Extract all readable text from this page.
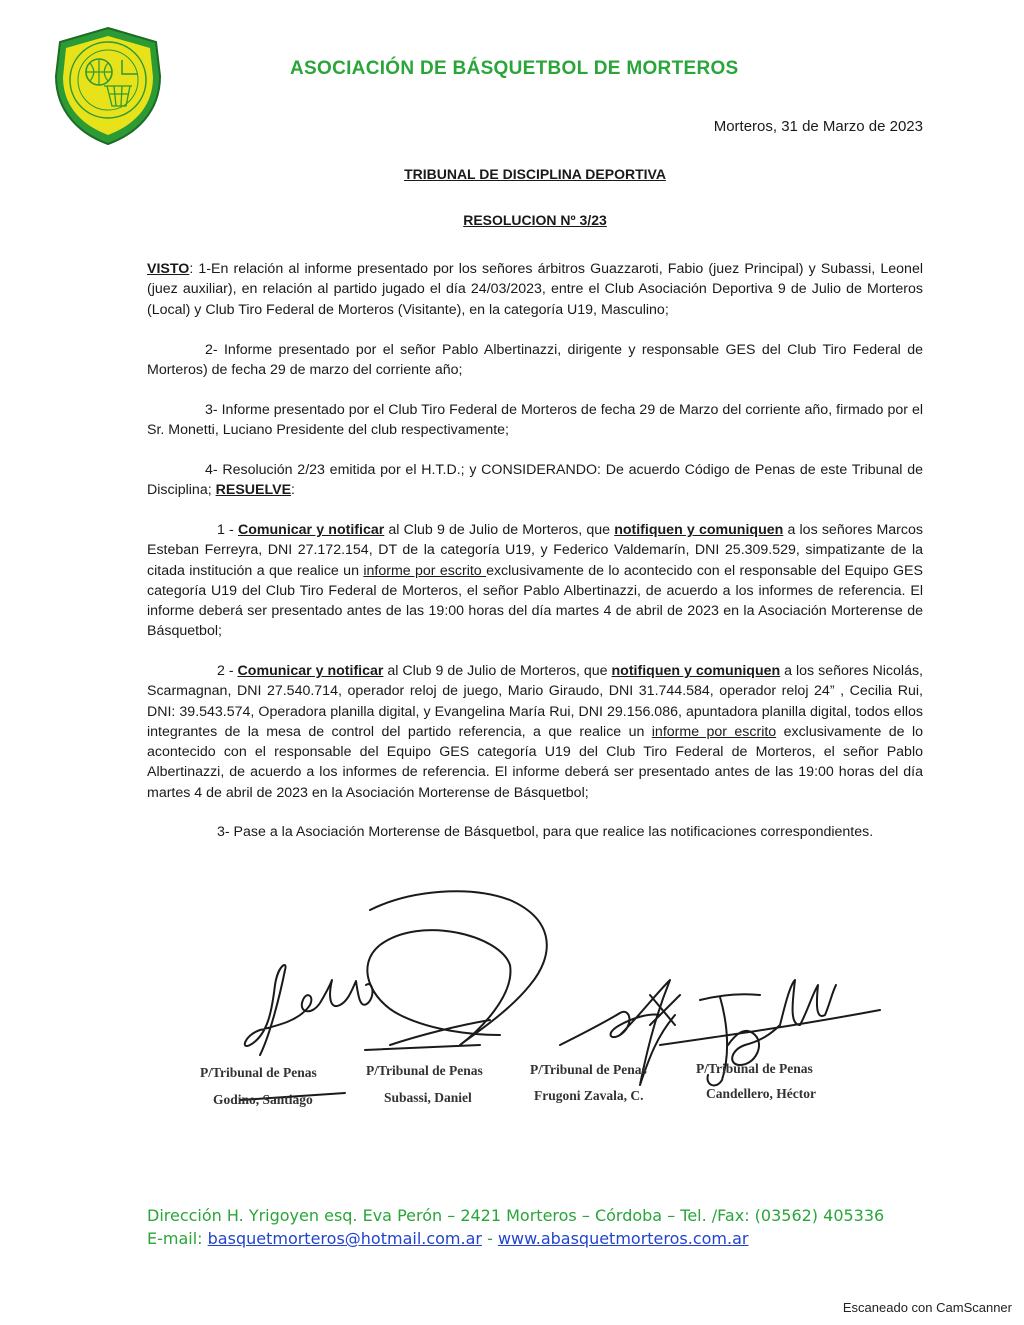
ASOCIACIÓN DE BÁSQUETBOL DE MORTEROS
Morteros, 31 de Marzo de 2023
TRIBUNAL DE DISCIPLINA DEPORTIVA
RESOLUCION Nº 3/23
VISTO: 1-En relación al informe presentado por los señores árbitros Guazzaroti, Fabio (juez Principal) y Subassi, Leonel (juez auxiliar), en relación al partido jugado el día 24/03/2023, entre el Club Asociación Deportiva 9 de Julio de Morteros (Local) y Club Tiro Federal de Morteros (Visitante), en la categoría U19, Masculino;
2- Informe presentado por el señor Pablo Albertinazzi, dirigente y responsable GES del Club Tiro Federal de Morteros) de fecha 29 de marzo del corriente año;
3- Informe presentado por el Club Tiro Federal de Morteros de fecha 29 de Marzo del corriente año, firmado por el Sr. Monetti, Luciano Presidente del club respectivamente;
4- Resolución 2/23 emitida por el H.T.D.; y CONSIDERANDO: De acuerdo Código de Penas de este Tribunal de Disciplina; RESUELVE:
1 - Comunicar y notificar al Club 9 de Julio de Morteros, que notifiquen y comuniquen a los señores Marcos Esteban Ferreyra, DNI 27.172.154, DT de la categoría U19, y Federico Valdemarín, DNI 25.309.529, simpatizante de la citada institución a que realice un informe por escrito exclusivamente de lo acontecido con el responsable del Equipo GES categoría U19 del Club Tiro Federal de Morteros, el señor Pablo Albertinazzi, de acuerdo a los informes de referencia. El informe deberá ser presentado antes de las 19:00 horas del día martes 4 de abril de 2023 en la Asociación Morterense de Básquetbol;
2 - Comunicar y notificar al Club 9 de Julio de Morteros, que notifiquen y comuniquen a los señores Nicolás, Scarmagnan, DNI 27.540.714, operador reloj de juego, Mario Giraudo, DNI 31.744.584, operador reloj 24” , Cecilia Rui, DNI: 39.543.574, Operadora planilla digital, y Evangelina María Rui, DNI 29.156.086, apuntadora planilla digital, todos ellos integrantes de la mesa de control del partido referencia, a que realice un informe por escrito exclusivamente de lo acontecido con el responsable del Equipo GES categoría U19 del Club Tiro Federal de Morteros, el señor Pablo Albertinazzi, de acuerdo a los informes de referencia. El informe deberá ser presentado antes de las 19:00 horas del día martes 4 de abril de 2023 en la Asociación Morterense de Básquetbol;
3- Pase a la Asociación Morterense de Básquetbol, para que realice las notificaciones correspondientes.
P/Tribunal de Penas
Godino, Santiago
P/Tribunal de Penas
Subassi, Daniel
P/Tribunal de Penas
Frugoni Zavala, C.
P/Tribunal de Penas
Candellero, Héctor
Dirección H. Yrigoyen esq. Eva Perón – 2421 Morteros – Córdoba – Tel. /Fax: (03562) 405336
E-mail: basquetmorteros@hotmail.com.ar - www.abasquetmorteros.com.ar
Escaneado con CamScanner
